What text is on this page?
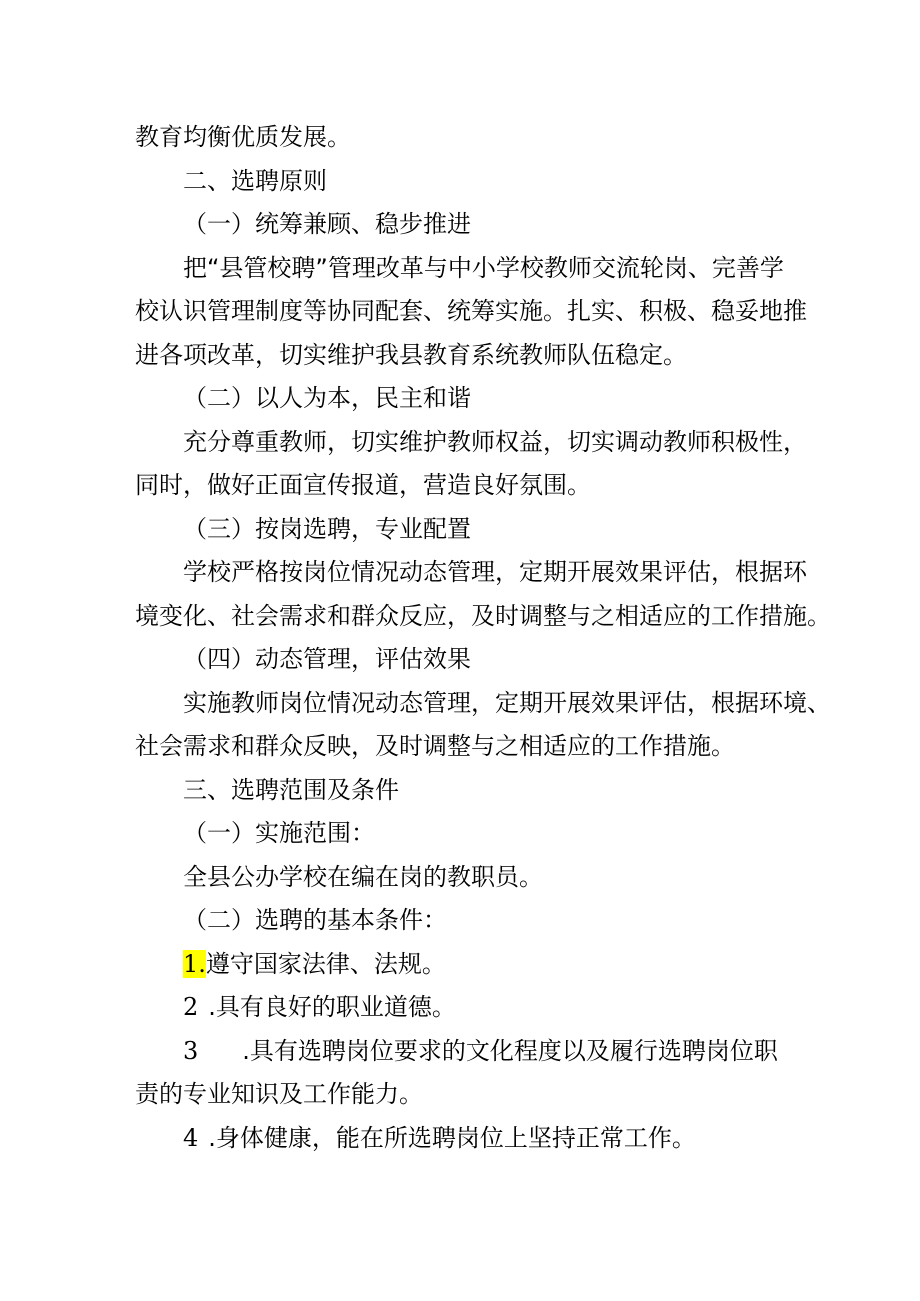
教育均衡优质发展。
二、选聘原则
（一）统筹兼顾、稳步推进
把“县管校聘”管理改革与中小学校教师交流轮岗、完善学
校认识管理制度等协同配套、统筹实施。扎实、积极、稳妥地推
进各项改革，切实维护我县教育系统教师队伍稳定。
（二）以人为本，民主和谐
充分尊重教师，切实维护教师权益，切实调动教师积极性，
同时，做好正面宣传报道，营造良好氛围。
（三）按岗选聘，专业配置
学校严格按岗位情况动态管理，定期开展效果评估，根据环
境变化、社会需求和群众反应，及时调整与之相适应的工作措施。
（四）动态管理，评估效果
实施教师岗位情况动态管理，定期开展效果评估，根据环境、
社会需求和群众反映，及时调整与之相适应的工作措施。
三、选聘范围及条件
（一）实施范围：
全县公办学校在编在岗的教职员。
（二）选聘的基本条件：
1.遵守国家法律、法规。
2 .具有良好的职业道德。
3 .具有选聘岗位要求的文化程度以及履行选聘岗位职
责的专业知识及工作能力。
4 .身体健康，能在所选聘岗位上坚持正常工作。
